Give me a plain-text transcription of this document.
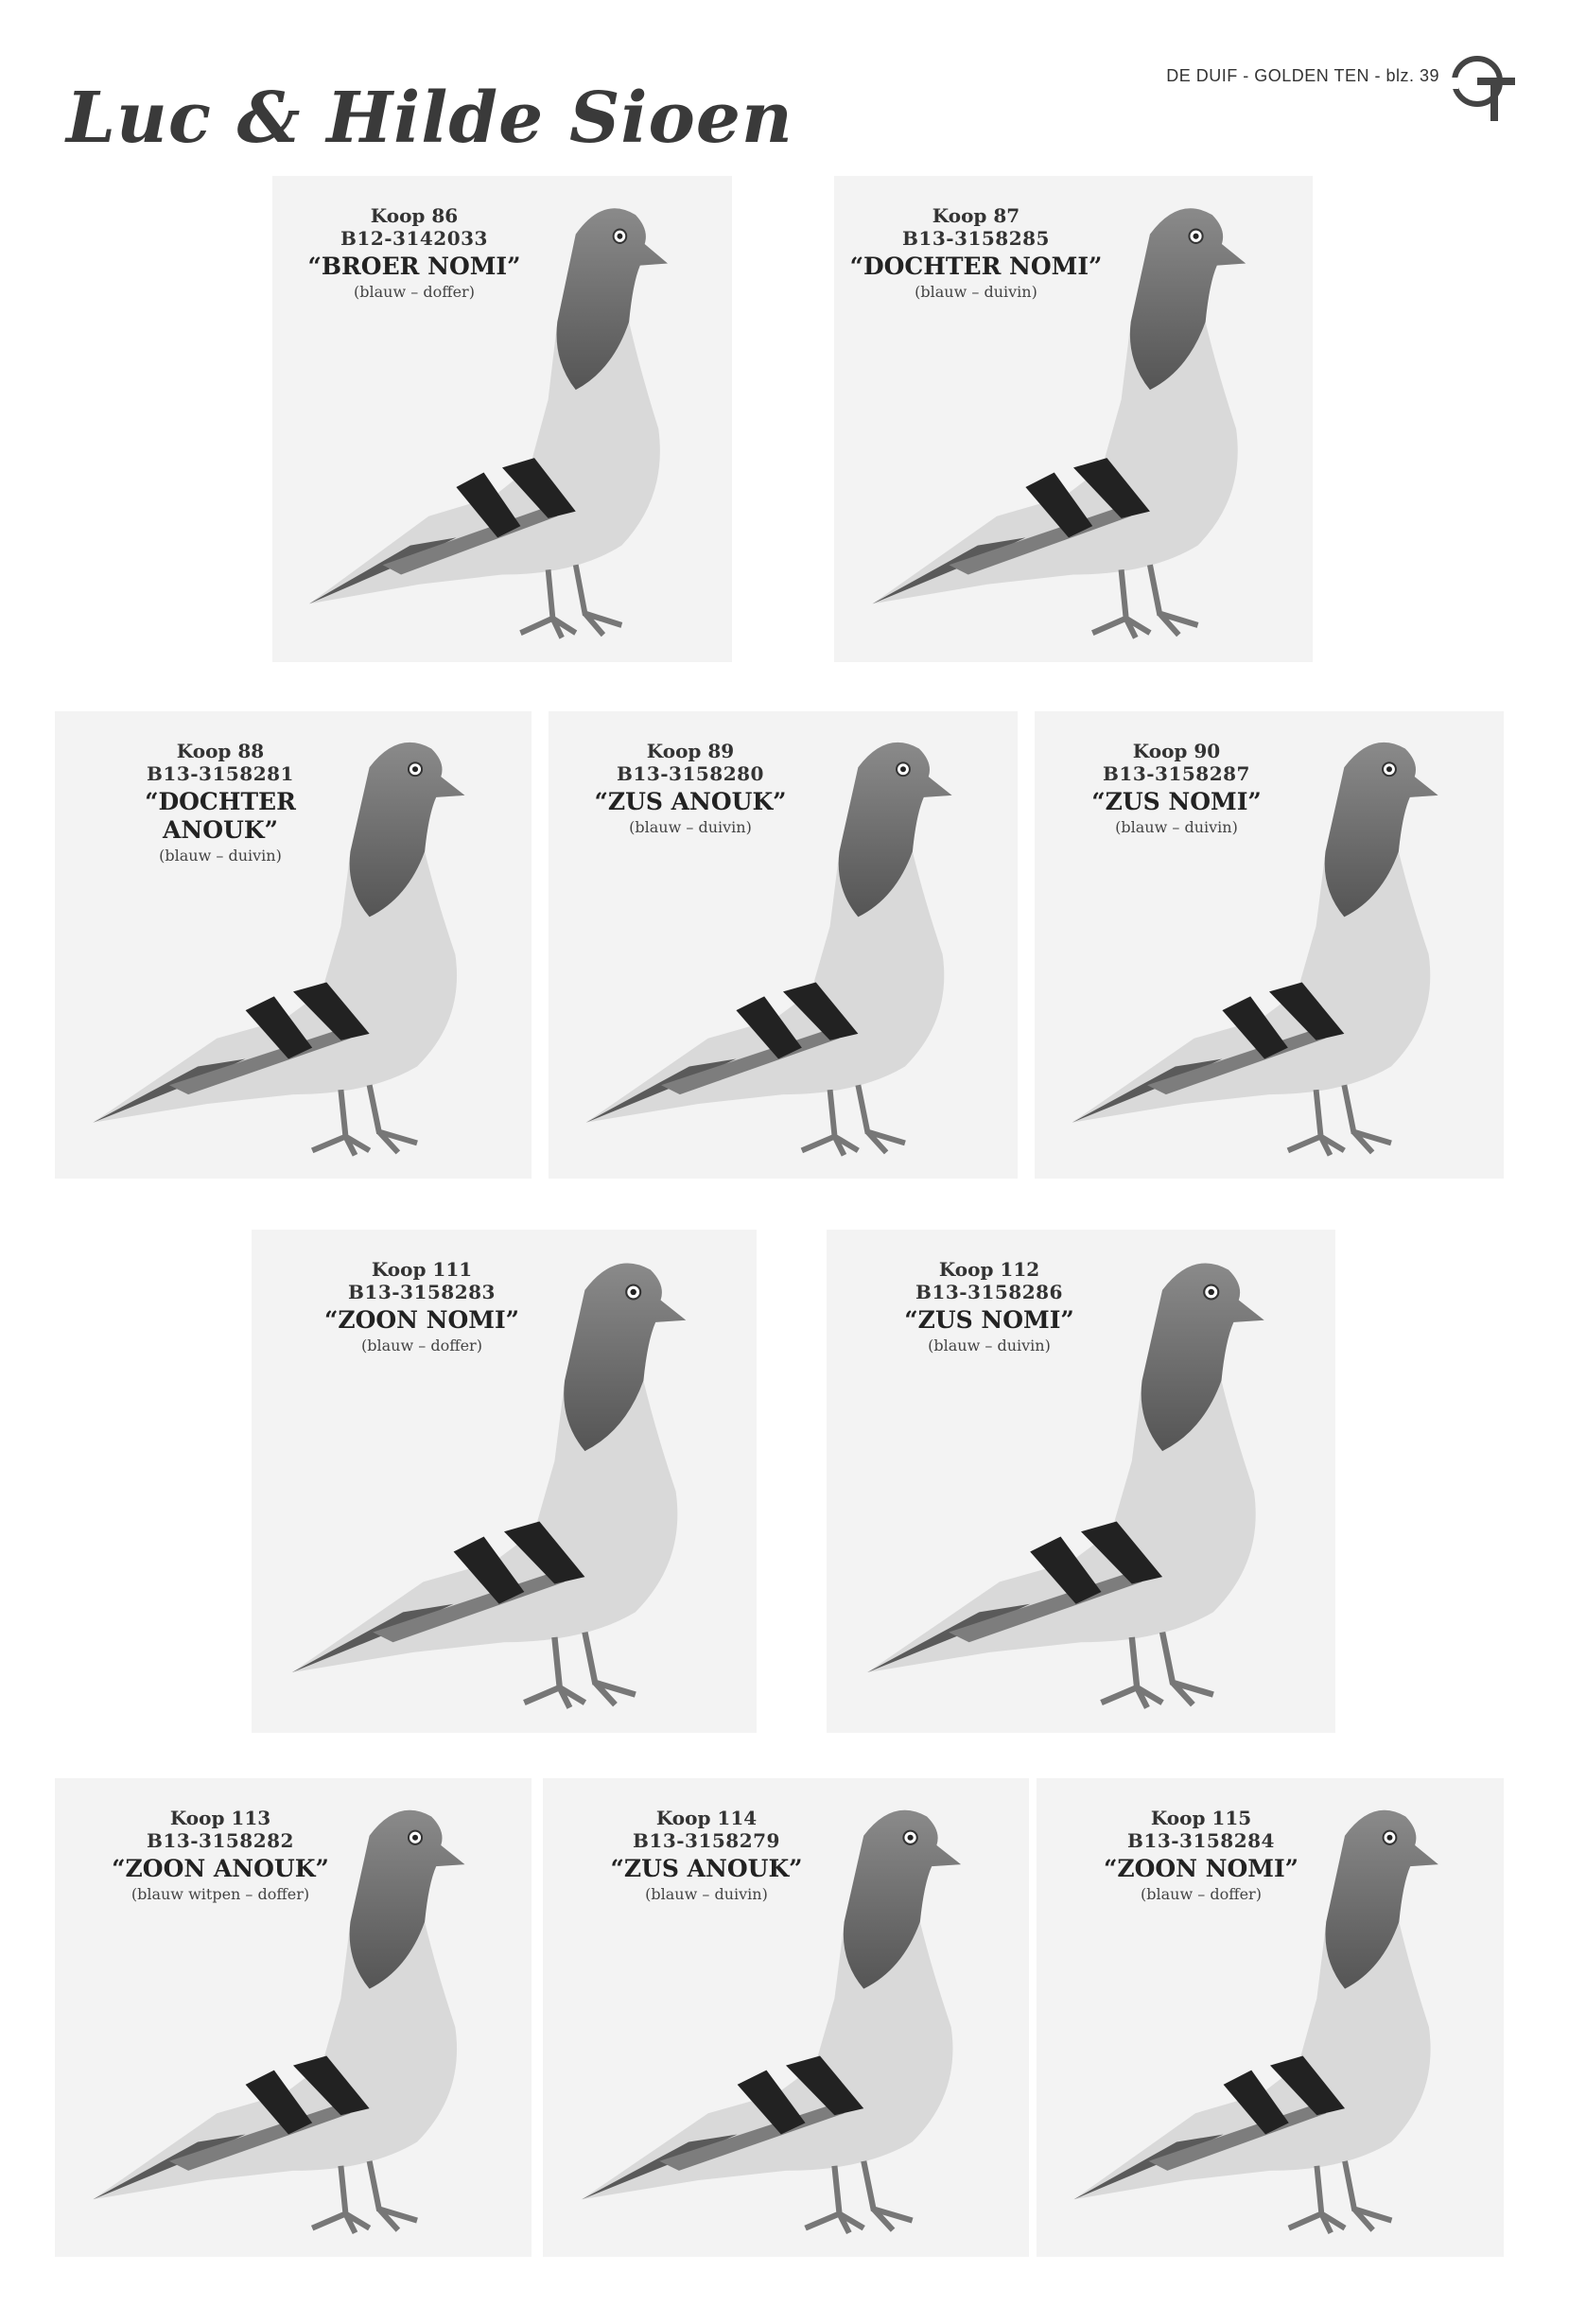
Luc & Hilde Sioen
DE DUIF - GOLDEN TEN - blz. 39
Koop 86
B12-3142033
“BROER NOMI”
(blauw – doffer)
Koop 87
B13-3158285
“DOCHTER NOMI”
(blauw – duivin)
Koop 88
B13-3158281
“DOCHTER ANOUK”
(blauw – duivin)
Koop 89
B13-3158280
“ZUS ANOUK”
(blauw – duivin)
Koop 90
B13-3158287
“ZUS NOMI”
(blauw – duivin)
Koop 111
B13-3158283
“ZOON NOMI”
(blauw – doffer)
Koop 112
B13-3158286
“ZUS NOMI”
(blauw – duivin)
Koop 113
B13-3158282
“ZOON ANOUK”
(blauw witpen – doffer)
Koop 114
B13-3158279
“ZUS ANOUK”
(blauw – duivin)
Koop 115
B13-3158284
“ZOON NOMI”
(blauw – doffer)
